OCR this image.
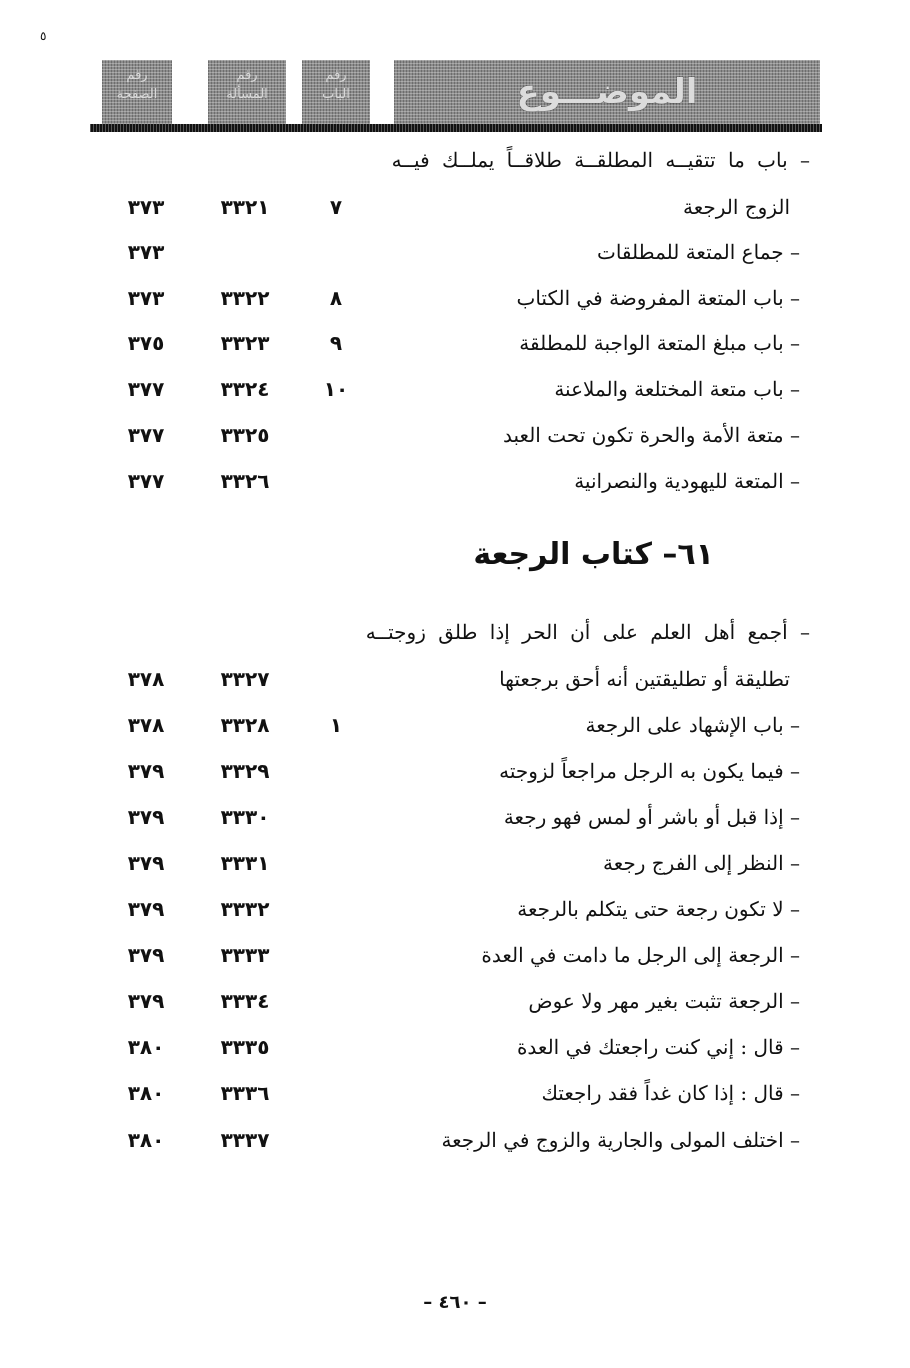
٥
رقم
الصفحة
رقم
المسألة
رقم
الباب	الموضـــوع
– باب ما تتقيــه المطلقــة طلاقــاً يملــك فيــه
الزوج الرجعة
٧
٣٣٢١
٣٧٣
– جماع المتعة للمطلقات
٣٧٣
– باب المتعة المفروضة في الكتاب
٨
٣٣٢٢
٣٧٣
– باب مبلغ المتعة الواجبة للمطلقة
٩
٣٣٢٣
٣٧٥
– باب متعة المختلعة والملاعنة
١٠
٣٣٢٤
٣٧٧
– متعة الأمة والحرة تكون تحت العبد
٣٣٢٥
٣٧٧
– المتعة لليهودية والنصرانية
٣٣٢٦
٣٧٧
٦١– كتاب الرجعة
– أجمع أهل العلم على أن الحر إذا طلق زوجتــه
تطليقة أو تطليقتين أنه أحق برجعتها
٣٣٢٧
٣٧٨
– باب الإشهاد على الرجعة
١
٣٣٢٨
٣٧٨
– فيما يكون به الرجل مراجعاً لزوجته
٣٣٢٩
٣٧٩
– إذا قبل أو باشر أو لمس فهو رجعة
٣٣٣٠
٣٧٩
– النظر إلى الفرج رجعة
٣٣٣١
٣٧٩
– لا تكون رجعة حتى يتكلم بالرجعة
٣٣٣٢
٣٧٩
– الرجعة إلى الرجل ما دامت في العدة
٣٣٣٣
٣٧٩
– الرجعة تثبت بغير مهر ولا عوض
٣٣٣٤
٣٧٩
– قال : إني كنت راجعتك في العدة
٣٣٣٥
٣٨٠
– قال : إذا كان غداً فقد راجعتك
٣٣٣٦
٣٨٠
– اختلف المولى والجارية والزوج في الرجعة
٣٣٣٧
٣٨٠
– ٤٦٠ –
